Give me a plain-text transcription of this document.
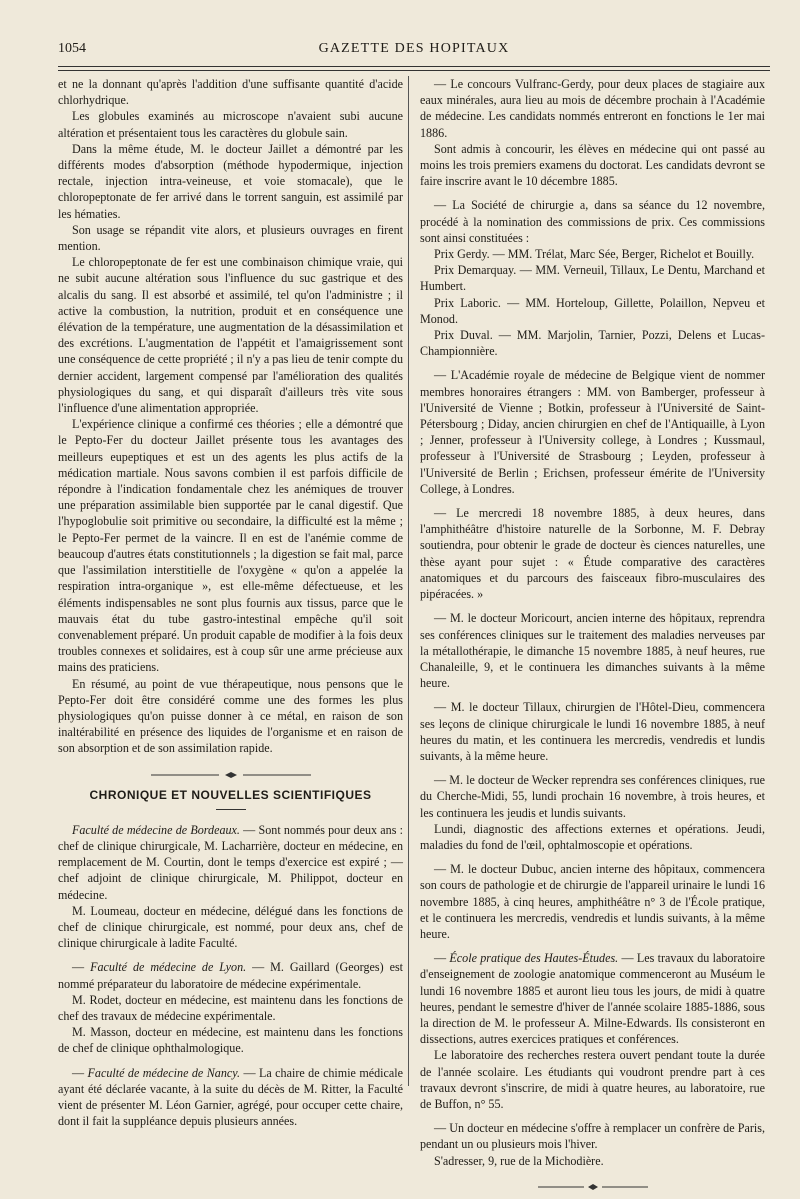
1054	GAZETTE DES HOPITAUX

et ne la donnant qu'après l'addition d'une suffisante quantité d'acide chlorhydrique.

Les globules examinés au microscope n'avaient subi aucune altération et présentaient tous les caractères du globule sain.

Dans la même étude, M. le docteur Jaillet a démontré par les différents modes d'absorption (méthode hypodermique, injection rectale, injection intra-veineuse, et voie stomacale), que le chloropeptonate de fer arrivé dans le torrent sanguin, est assimilé par les hématies.

Son usage se répandit vite alors, et plusieurs ouvrages en firent mention.

Le chloropeptonate de fer est une combinaison chimique vraie, qui ne subit aucune altération sous l'influence du suc gastrique et des alcalis du sang. Il est absorbé et assimilé, tel qu'on l'administre ; il active la combustion, la nutrition, produit et en conséquence une élévation de la température, une augmentation de la désassimilation et des excrétions. L'augmentation de l'appétit et l'amaigrissement sont une conséquence de cette propriété ; il n'y a pas lieu de tenir compte du dernier accident, largement compensé par l'amélioration des qualités physiologiques du sang, et qui disparaît d'ailleurs très vite sous l'influence d'une alimentation appropriée.

L'expérience clinique a confirmé ces théories ; elle a démontré que le Pepto-Fer du docteur Jaillet présente tous les avantages des meilleurs eupeptiques et est un des agents les plus actifs de la médication martiale. Nous savons combien il est parfois difficile de répondre à l'indication fondamentale chez les anémiques de trouver une préparation assimilable bien supportée par le canal digestif. Que l'hypoglobulie soit primitive ou secondaire, la difficulté est la même ; le Pepto-Fer permet de la vaincre. Il en est de l'anémie comme de beaucoup d'autres états constitutionnels ; la digestion se fait mal, parce que l'assimilation interstitielle de l'oxygène « qu'on a appelée la respiration intra-organique », est elle-même défectueuse, et les éléments indispensables ne sont plus fournis aux tissus, parce que le mauvais état du tube gastro-intestinal empêche qu'il soit convenablement préparé. Un produit capable de modifier à la fois deux troubles connexes et solidaires, est à coup sûr une arme précieuse aux mains des praticiens.

En résumé, au point de vue thérapeutique, nous pensons que le Pepto-Fer doit être considéré comme une des formes les plus physiologiques qu'on puisse donner à ce métal, en raison de son inaltérabilité en présence des liquides de l'organisme et en raison de son absorption et de son assimilation rapide.

CHRONIQUE ET NOUVELLES SCIENTIFIQUES

Faculté de médecine de Bordeaux. — Sont nommés pour deux ans : chef de clinique chirurgicale, M. Lacharrière, docteur en médecine, en remplacement de M. Courtin, dont le temps d'exercice est expiré ; — chef adjoint de clinique chirurgicale, M. Philippot, docteur en médecine.

M. Loumeau, docteur en médecine, délégué dans les fonctions de chef de clinique chirurgicale, est nommé, pour deux ans, chef de clinique chirurgicale à ladite Faculté.

— Faculté de médecine de Lyon. — M. Gaillard (Georges) est nommé préparateur du laboratoire de médecine expérimentale.

M. Rodet, docteur en médecine, est maintenu dans les fonctions de chef des travaux de médecine expérimentale.

M. Masson, docteur en médecine, est maintenu dans les fonctions de chef de clinique ophthalmologique.

— Faculté de médecine de Nancy. — La chaire de chimie médicale ayant été déclarée vacante, à la suite du décès de M. Ritter, la Faculté vient de présenter M. Léon Garnier, agrégé, pour occuper cette chaire, dont il fait la suppléance depuis plusieurs années.

— Le concours Vulfranc-Gerdy, pour deux places de stagiaire aux eaux minérales, aura lieu au mois de décembre prochain à l'Académie de médecine. Les candidats nommés entreront en fonctions le 1er mai 1886.

Sont admis à concourir, les élèves en médecine qui ont passé au moins les trois premiers examens du doctorat. Les candidats devront se faire inscrire avant le 10 décembre 1885.

— La Société de chirurgie a, dans sa séance du 12 novembre, procédé à la nomination des commissions de prix. Ces commissions sont ainsi constituées :

Prix Gerdy. — MM. Trélat, Marc Sée, Berger, Richelot et Bouilly.

Prix Demarquay. — MM. Verneuil, Tillaux, Le Dentu, Marchand et Humbert.

Prix Laboric. — MM. Horteloup, Gillette, Polaillon, Nepveu et Monod.

Prix Duval. — MM. Marjolin, Tarnier, Pozzi, Delens et Lucas-Championnière.

— L'Académie royale de médecine de Belgique vient de nommer membres honoraires étrangers : MM. von Bamberger, professeur à l'Université de Vienne ; Botkin, professeur à l'Université de Saint-Pétersbourg ; Diday, ancien chirurgien en chef de l'Antiquaille, à Lyon ; Jenner, professeur à l'University college, à Londres ; Kussmaul, professeur à l'Université de Strasbourg ; Leyden, professeur à l'Université de Berlin ; Erichsen, professeur émérite de l'University College, à Londres.

— Le mercredi 18 novembre 1885, à deux heures, dans l'amphithéâtre d'histoire naturelle de la Sorbonne, M. F. Debray soutiendra, pour obtenir le grade de docteur ès ciences naturelles, une thèse ayant pour sujet : « Étude comparative des caractères anatomiques et du parcours des faisceaux fibro-musculaires des pipéracées. »

— M. le docteur Moricourt, ancien interne des hôpitaux, reprendra ses conférences cliniques sur le traitement des maladies nerveuses par la métallothérapie, le dimanche 15 novembre 1885, à neuf heures, rue Chanaleille, 9, et le continuera les dimanches suivants à la même heure.

— M. le docteur Tillaux, chirurgien de l'Hôtel-Dieu, commencera ses leçons de clinique chirurgicale le lundi 16 novembre 1885, à neuf heures du matin, et les continuera les mercredis, vendredis et lundis suivants, à la même heure.

— M. le docteur de Wecker reprendra ses conférences cliniques, rue du Cherche-Midi, 55, lundi prochain 16 novembre, à trois heures, et les continuera les jeudis et lundis suivants.

Lundi, diagnostic des affections externes et opérations. Jeudi, maladies du fond de l'œil, ophtalmoscopie et opérations.

— M. le docteur Dubuc, ancien interne des hôpitaux, commencera son cours de pathologie et de chirurgie de l'appareil urinaire le lundi 16 novembre 1885, à cinq heures, amphithéâtre n° 3 de l'École pratique, et le continuera les mercredis, vendredis et lundis suivants, à la même heure.

— École pratique des Hautes-Études. — Les travaux du laboratoire d'enseignement de zoologie anatomique commenceront au Muséum le lundi 16 novembre 1885 et auront lieu tous les jours, de midi à quatre heures, pendant le semestre d'hiver de l'année scolaire 1885-1886, sous la direction de M. le professeur A. Milne-Edwards. Ils consisteront en dissections, autres exercices pratiques et conférences.

Le laboratoire des recherches restera ouvert pendant toute la durée de l'année scolaire. Les étudiants qui voudront prendre part à ces travaux devront s'inscrire, de midi à quatre heures, au laboratoire, rue de Buffon, n° 55.

— Un docteur en médecine s'offre à remplacer un confrère de Paris, pendant un ou plusieurs mois l'hiver.

S'adresser, 9, rue de la Michodière.
